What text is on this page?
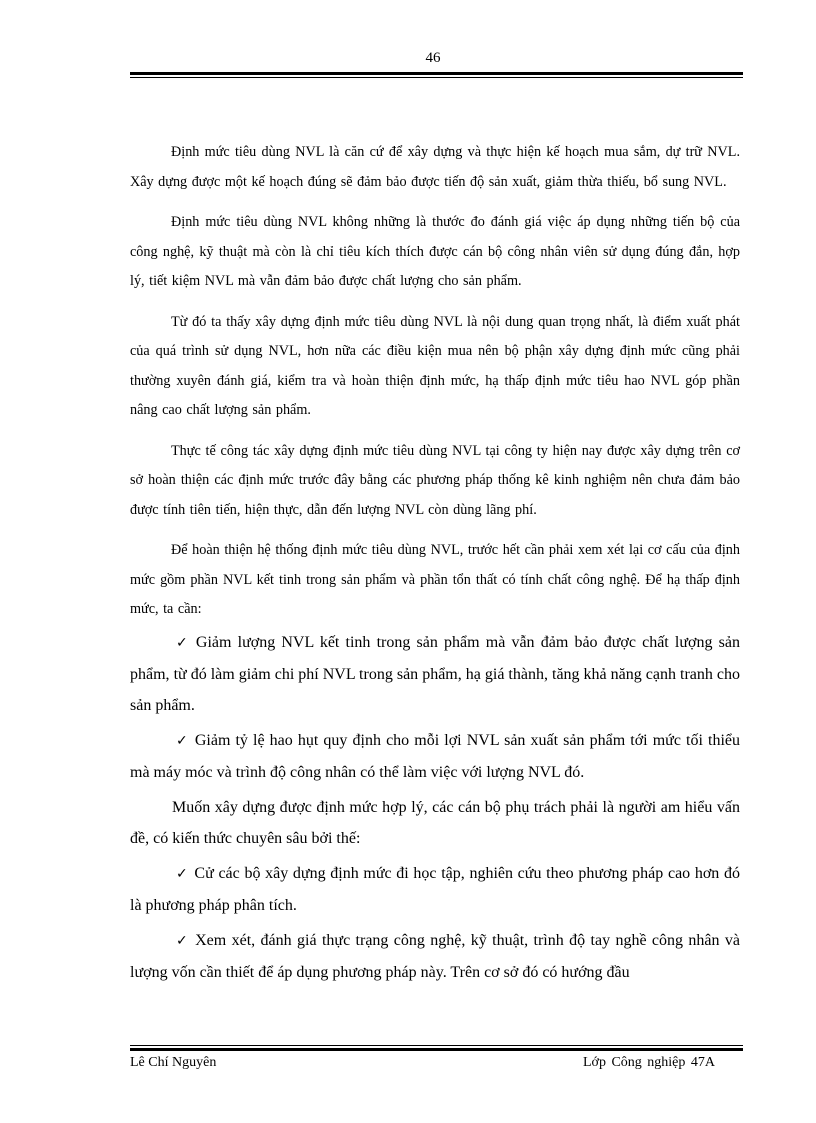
46

Định mức tiêu dùng NVL là căn cứ để xây dựng và thực hiện kế hoạch mua sắm, dự trữ NVL. Xây dựng được một kế hoạch đúng sẽ đảm bảo được tiến độ sản xuất, giảm thừa thiếu, bổ sung NVL.

Định mức tiêu dùng NVL không những là thước đo đánh giá việc áp dụng những tiến bộ của công nghệ, kỹ thuật mà còn là chỉ tiêu kích thích được cán bộ công nhân viên sử dụng đúng đắn, hợp lý, tiết kiệm NVL mà vẫn đảm bảo được chất lượng cho sản phẩm.

Từ đó ta thấy xây dựng định mức tiêu dùng NVL là nội dung quan trọng nhất, là điểm xuất phát của quá trình sử dụng NVL, hơn nữa các điều kiện mua nên bộ phận xây dựng định mức cũng phải thường xuyên đánh giá, kiểm tra và hoàn thiện định mức, hạ thấp định mức tiêu hao NVL góp phần nâng cao chất lượng sản phẩm.

Thực tế công tác xây dựng định mức tiêu dùng NVL tại công ty hiện nay được xây dựng trên cơ sở hoàn thiện các định mức trước đây bằng các phương pháp thống kê kinh nghiệm nên chưa đảm bảo được tính tiên tiến, hiện thực, dẫn đến lượng NVL còn dùng lãng phí.

Để hoàn thiện hệ thống định mức tiêu dùng NVL, trước hết cần phải xem xét lại cơ cấu của định mức gồm phần NVL kết tinh trong sản phẩm và phần tổn thất có tính chất công nghệ. Để hạ thấp định mức, ta cần:

✓ Giảm lượng NVL kết tinh trong sản phẩm mà vẫn đảm bảo được chất lượng sản phẩm, từ đó làm giảm chi phí NVL trong sản phẩm, hạ giá thành, tăng khả năng cạnh tranh cho sản phẩm.

✓ Giảm tỷ lệ hao hụt quy định cho mỗi lợi NVL sản xuất sản phẩm tới mức tối thiểu mà máy móc và trình độ công nhân có thể làm việc với lượng NVL đó.

Muốn xây dựng được định mức hợp lý, các cán bộ phụ trách phải là người am hiểu vấn đề, có kiến thức chuyên sâu bởi thế:

✓ Cử các bộ xây dựng định mức đi học tập, nghiên cứu theo phương pháp cao hơn đó là phương pháp phân tích.

✓ Xem xét, đánh giá thực trạng công nghệ, kỹ thuật, trình độ tay nghề công nhân và lượng vốn cần thiết để áp dụng phương pháp này. Trên cơ sở đó có hướng đầu

Lê Chí Nguyên	Lớp Công nghiệp 47A
